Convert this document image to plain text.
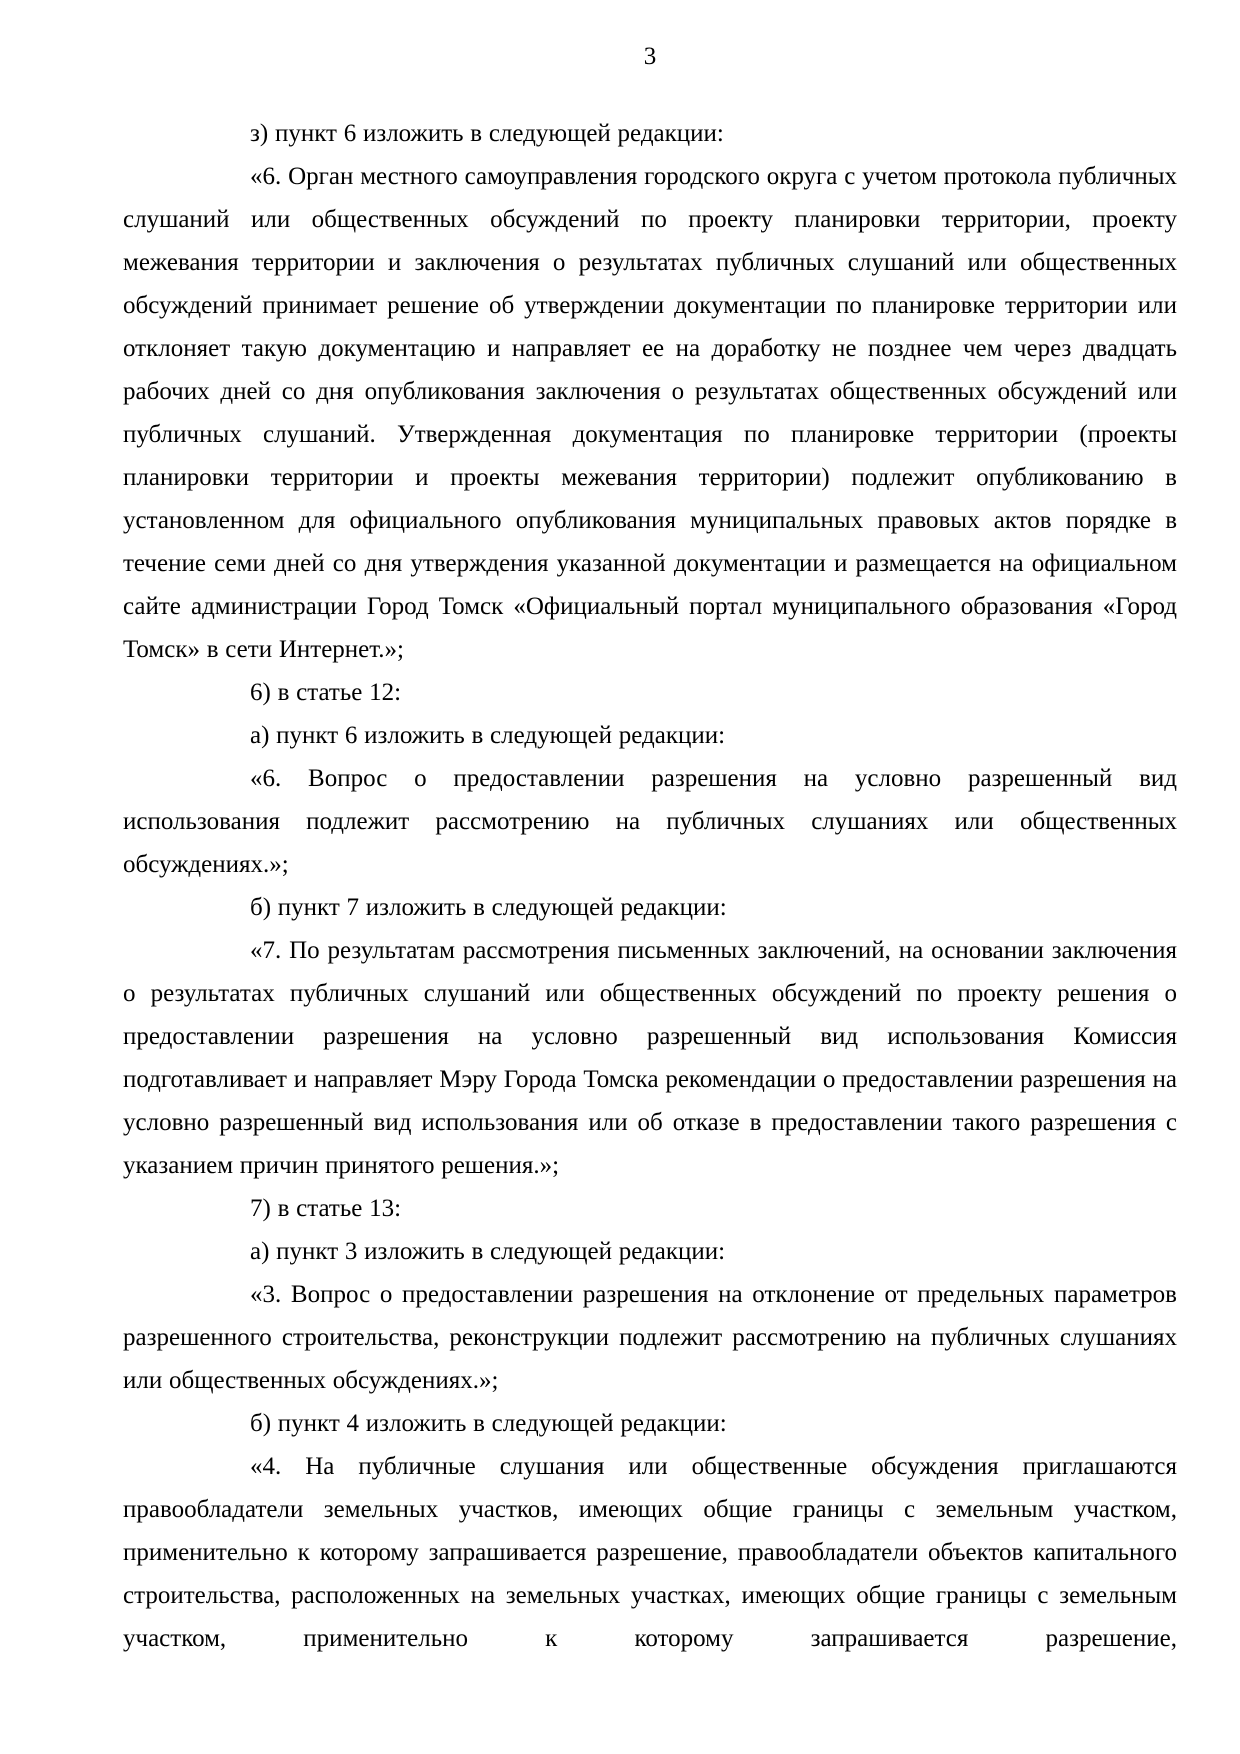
3

з) пункт 6 изложить в следующей редакции:

«6. Орган местного самоуправления городского округа с учетом протокола публичных слушаний или общественных обсуждений по проекту планировки территории, проекту межевания территории и заключения о результатах публичных слушаний или общественных обсуждений принимает решение об утверждении документации по планировке территории или отклоняет такую документацию и направляет ее на доработку не позднее чем через двадцать рабочих дней со дня опубликования заключения о результатах общественных обсуждений или публичных слушаний. Утвержденная документация по планировке территории (проекты планировки территории и проекты межевания территории) подлежит опубликованию в установленном для официального опубликования муниципальных правовых актов порядке в течение семи дней со дня утверждения указанной документации и размещается на официальном сайте администрации Город Томск «Официальный портал муниципального образования «Город Томск» в сети Интернет.»;

6) в статье 12:

а) пункт 6 изложить в следующей редакции:

«6. Вопрос о предоставлении разрешения на условно разрешенный вид использования подлежит рассмотрению на публичных слушаниях или общественных обсуждениях.»;

б) пункт 7 изложить в следующей редакции:

«7. По результатам рассмотрения письменных заключений, на основании заключения о результатах публичных слушаний или общественных обсуждений по проекту решения о предоставлении разрешения на условно разрешенный вид использования Комиссия подготавливает и направляет Мэру Города Томска рекомендации о предоставлении разрешения на условно разрешенный вид использования или об отказе в предоставлении такого разрешения с указанием причин принятого решения.»;

7) в статье 13:

а) пункт 3 изложить в следующей редакции:

«3. Вопрос о предоставлении разрешения на отклонение от предельных параметров разрешенного строительства, реконструкции подлежит рассмотрению на публичных слушаниях или общественных обсуждениях.»;

б) пункт 4 изложить в следующей редакции:

«4. На публичные слушания или общественные обсуждения приглашаются правообладатели земельных участков, имеющих общие границы с земельным участком, применительно к которому запрашивается разрешение, правообладатели объектов капитального строительства, расположенных на земельных участках, имеющих общие границы с земельным участком, применительно к которому запрашивается разрешение,
